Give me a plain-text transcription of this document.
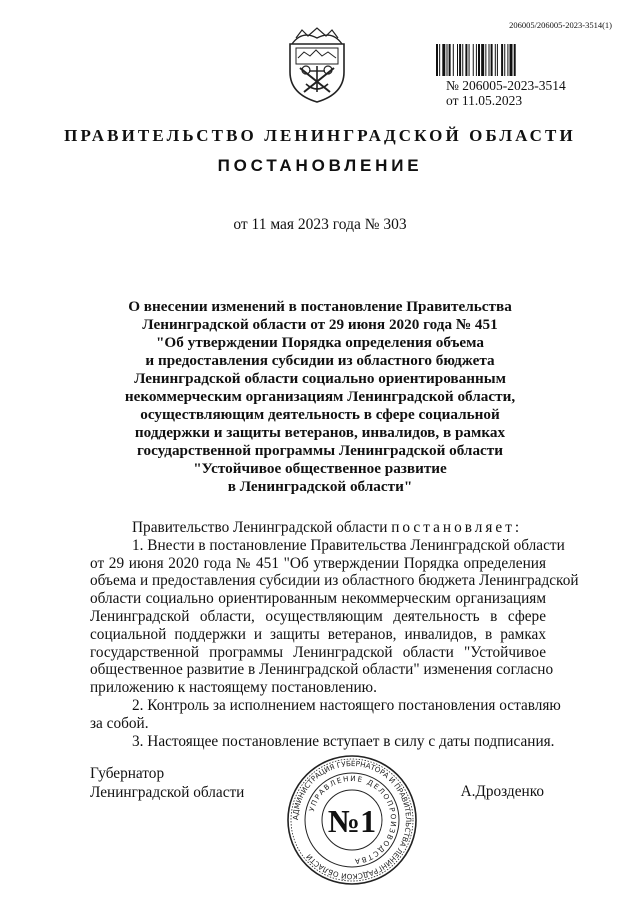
206005/206005-2023-3514(1)
№ 206005-2023-3514
от 11.05.2023
ПРАВИТЕЛЬСТВО ЛЕНИНГРАДСКОЙ ОБЛАСТИ
ПОСТАНОВЛЕНИЕ
от 11 мая 2023 года № 303
О внесении изменений в постановление Правительства
Ленинградской области от 29 июня 2020 года № 451
"Об утверждении Порядка определения объема
и предоставления субсидии из областного бюджета
Ленинградской области социально ориентированным
некоммерческим организациям Ленинградской области,
осуществляющим деятельность в сфере социальной
поддержки и защиты ветеранов, инвалидов, в рамках
государственной программы Ленинградской области
"Устойчивое общественное развитие
в Ленинградской области"
Правительство Ленинградской области постановляет:
1. Внести в постановление Правительства Ленинградской области
от 29 июня 2020 года № 451 "Об утверждении Порядка определения
объема и предоставления субсидии из областного бюджета Ленинградской
области социально ориентированным некоммерческим организациям
Ленинградской области, осуществляющим деятельность в сфере
социальной поддержки и защиты ветеранов, инвалидов, в рамках
государственной программы Ленинградской области "Устойчивое
общественное развитие в Ленинградской области" изменения согласно
приложению к настоящему постановлению.
2. Контроль за исполнением настоящего постановления оставляю
за собой.
3. Настоящее постановление вступает в силу с даты подписания.
Губернатор
Ленинградской области	А.Дрозденко
АДМИНИСТРАЦИЯ ГУБЕРНАТОРА И ПРАВИТЕЛЬСТВА ЛЕНИНГРАДСКОЙ ОБЛАСТИ
УПРАВЛЕНИЕ ДЕЛОПРОИЗВОДСТВА
№1
